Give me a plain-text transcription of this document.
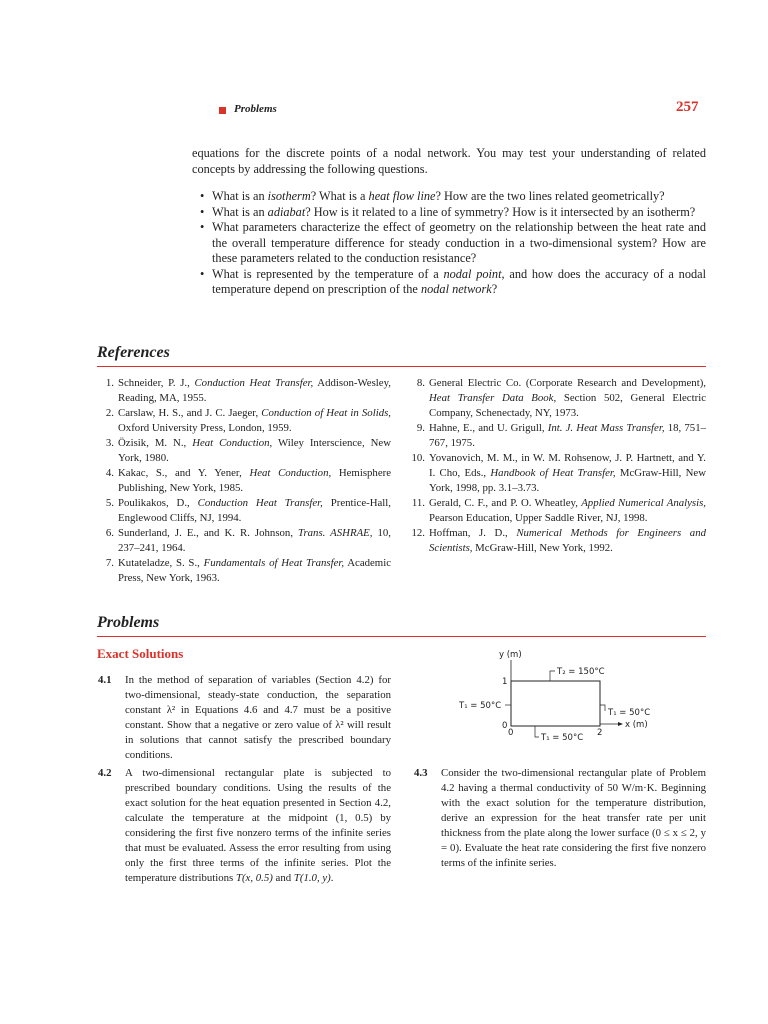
Problems	257
equations for the discrete points of a nodal network. You may test your understanding of related concepts by addressing the following questions.
• What is an isotherm? What is a heat flow line? How are the two lines related geometrically?
• What is an adiabat? How is it related to a line of symmetry? How is it intersected by an isotherm?
• What parameters characterize the effect of geometry on the relationship between the heat rate and the overall temperature difference for steady conduction in a two-dimensional system? How are these parameters related to the conduction resistance?
• What is represented by the temperature of a nodal point, and how does the accuracy of a nodal temperature depend on prescription of the nodal network?
References
1. Schneider, P. J., Conduction Heat Transfer, Addison-Wesley, Reading, MA, 1955.
2. Carslaw, H. S., and J. C. Jaeger, Conduction of Heat in Solids, Oxford University Press, London, 1959.
3. Özisik, M. N., Heat Conduction, Wiley Interscience, New York, 1980.
4. Kakac, S., and Y. Yener, Heat Conduction, Hemisphere Publishing, New York, 1985.
5. Poulikakos, D., Conduction Heat Transfer, Prentice-Hall, Englewood Cliffs, NJ, 1994.
6. Sunderland, J. E., and K. R. Johnson, Trans. ASHRAE, 10, 237–241, 1964.
7. Kutateladze, S. S., Fundamentals of Heat Transfer, Academic Press, New York, 1963.
8. General Electric Co. (Corporate Research and Development), Heat Transfer Data Book, Section 502, General Electric Company, Schenectady, NY, 1973.
9. Hahne, E., and U. Grigull, Int. J. Heat Mass Transfer, 18, 751–767, 1975.
10. Yovanovich, M. M., in W. M. Rohsenow, J. P. Hartnett, and Y. I. Cho, Eds., Handbook of Heat Transfer, McGraw-Hill, New York, 1998, pp. 3.1–3.73.
11. Gerald, C. F., and P. O. Wheatley, Applied Numerical Analysis, Pearson Education, Upper Saddle River, NJ, 1998.
12. Hoffman, J. D., Numerical Methods for Engineers and Scientists, McGraw-Hill, New York, 1992.
Problems
Exact Solutions
4.1 In the method of separation of variables (Section 4.2) for two-dimensional, steady-state conduction, the separation constant λ² in Equations 4.6 and 4.7 must be a positive constant. Show that a negative or zero value of λ² will result in solutions that cannot satisfy the prescribed boundary conditions.
4.2 A two-dimensional rectangular plate is subjected to prescribed boundary conditions. Using the results of the exact solution for the heat equation presented in Section 4.2, calculate the temperature at the midpoint (1, 0.5) by considering the first five nonzero terms of the infinite series that must be evaluated. Assess the error resulting from using only the first three terms of the infinite series. Plot the temperature distributions T(x, 0.5) and T(1.0, y).
4.3 Consider the two-dimensional rectangular plate of Problem 4.2 having a thermal conductivity of 50 W/m·K. Beginning with the exact solution for the temperature distribution, derive an expression for the heat transfer rate per unit thickness from the plate along the lower surface (0 ≤ x ≤ 2, y = 0). Evaluate the heat rate considering the first five nonzero terms of the infinite series.
y (m)
1
0
0	2
T₂ = 150°C
T₁ = 50°C
T₁ = 50°C
x (m)
T₁ = 50°C
